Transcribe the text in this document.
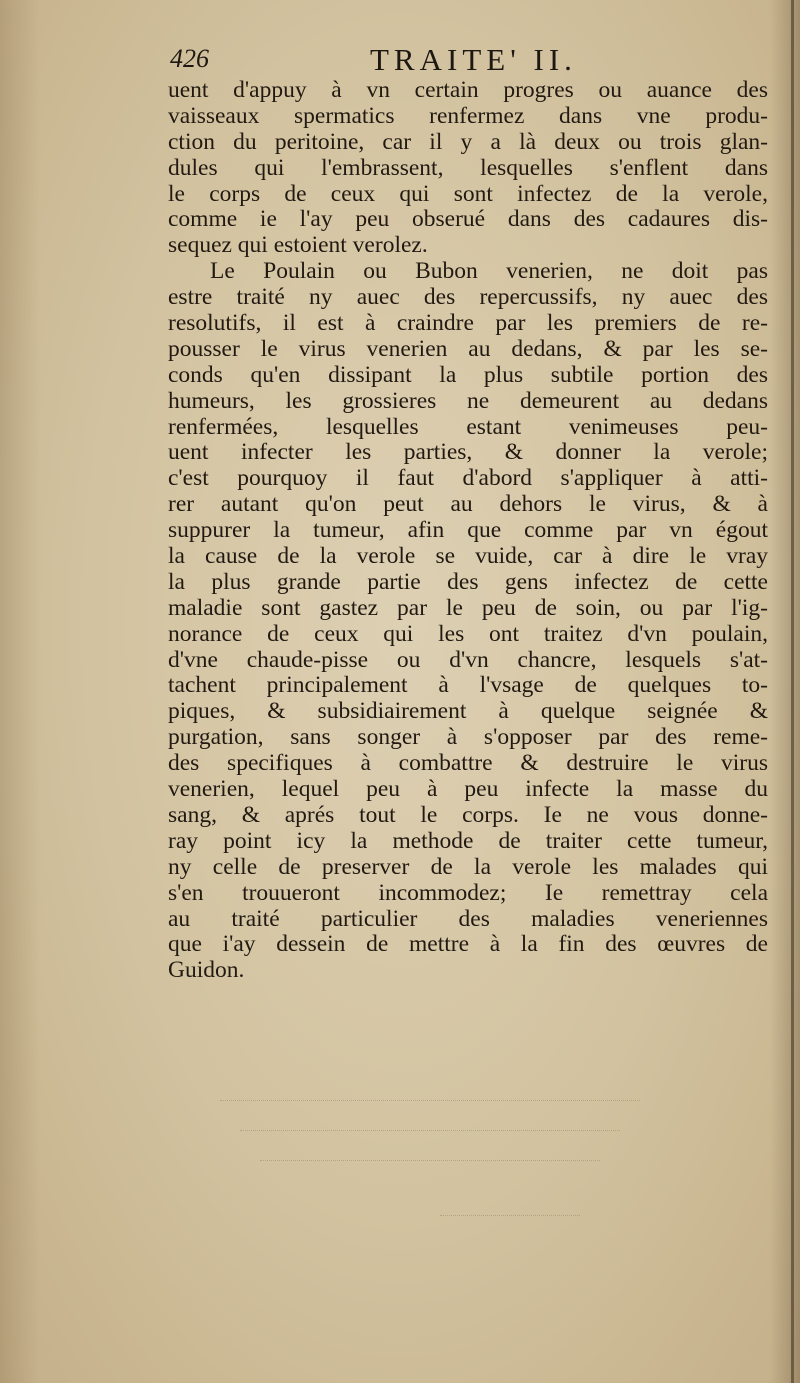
426	TRAITE' II.
uent d'appuy à vn certain progres ou auance des
vaisseaux spermatics renfermez dans vne produ-
ction du peritoine, car il y a là deux ou trois glan-
dules qui l'embrassent, lesquelles s'enflent dans
le corps de ceux qui sont infectez de la verole,
comme ie l'ay peu obserué dans des cadaures dis-
sequez qui estoient verolez.
Le Poulain ou Bubon venerien, ne doit pas
estre traité ny auec des repercussifs, ny auec des
resolutifs, il est à craindre par les premiers de re-
pousser le virus venerien au dedans, & par les se-
conds qu'en dissipant la plus subtile portion des
humeurs, les grossieres ne demeurent au dedans
renfermées, lesquelles estant venimeuses peu-
uent infecter les parties, & donner la verole;
c'est pourquoy il faut d'abord s'appliquer à atti-
rer autant qu'on peut au dehors le virus, & à
suppurer la tumeur, afin que comme par vn égout
la cause de la verole se vuide, car à dire le vray
la plus grande partie des gens infectez de cette
maladie sont gastez par le peu de soin, ou par l'ig-
norance de ceux qui les ont traitez d'vn poulain,
d'vne chaude-pisse ou d'vn chancre, lesquels s'at-
tachent principalement à l'vsage de quelques to-
piques, & subsidiairement à quelque seignée &
purgation, sans songer à s'opposer par des reme-
des specifiques à combattre & destruire le virus
venerien, lequel peu à peu infecte la masse du
sang, & aprés tout le corps. Ie ne vous donne-
ray point icy la methode de traiter cette tumeur,
ny celle de preserver de la verole les malades qui
s'en trouueront incommodez; Ie remettray cela
au traité particulier des maladies veneriennes
que i'ay dessein de mettre à la fin des œuvres de
Guidon.
